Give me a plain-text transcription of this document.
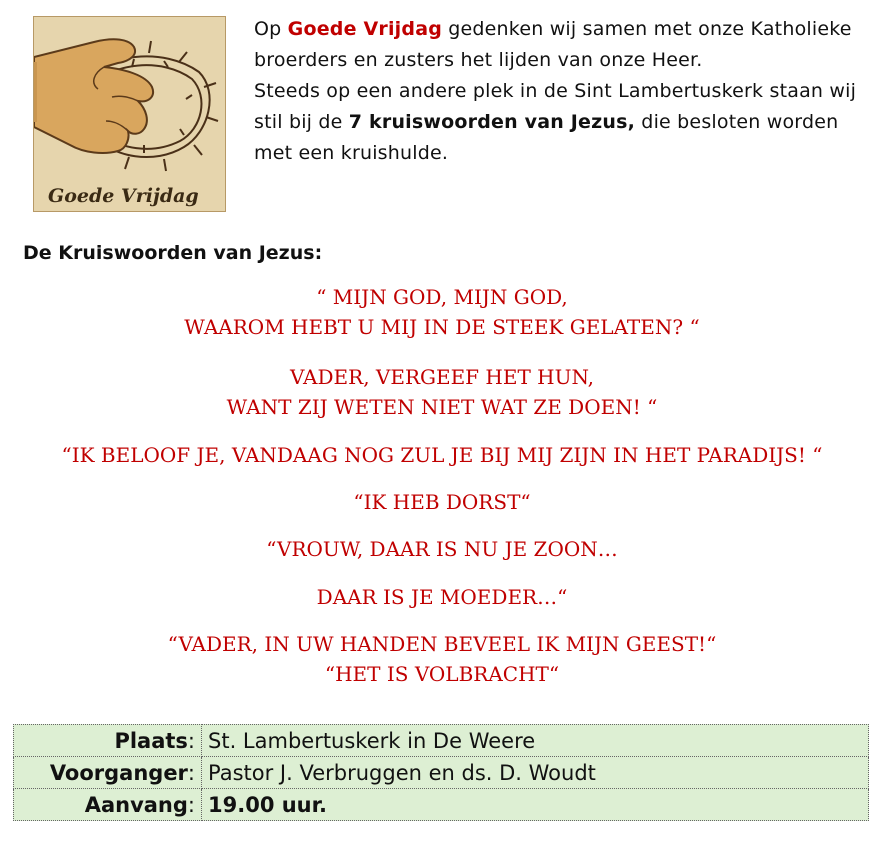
Goede Vrijdag

Op Goede Vrijdag gedenken wij samen met onze Katholieke broerders en zusters het lijden van onze Heer.

Steeds op een andere plek in de Sint Lambertuskerk staan wij stil bij de 7 kruiswoorden van Jezus, die besloten worden met een kruishulde.

De Kruiswoorden van Jezus:
“ MIJN GOD, MIJN GOD,
WAAROM HEBT U MIJ IN DE STEEK GELATEN? “
VADER, VERGEEF HET HUN,
WANT ZIJ WETEN NIET WAT ZE DOEN! “
“IK BELOOF JE, VANDAAG NOG ZUL JE BIJ MIJ ZIJN IN HET PARADIJS! “
“IK HEB DORST“
“VROUW, DAAR IS NU JE ZOON…
DAAR IS JE MOEDER…“
“VADER, IN UW HANDEN BEVEEL IK MIJN GEEST!“
“HET IS VOLBRACHT“
Plaats:	St. Lambertuskerk in De Weere
Voorganger:	Pastor J. Verbruggen en ds. D. Woudt
Aanvang:	19.00 uur.
